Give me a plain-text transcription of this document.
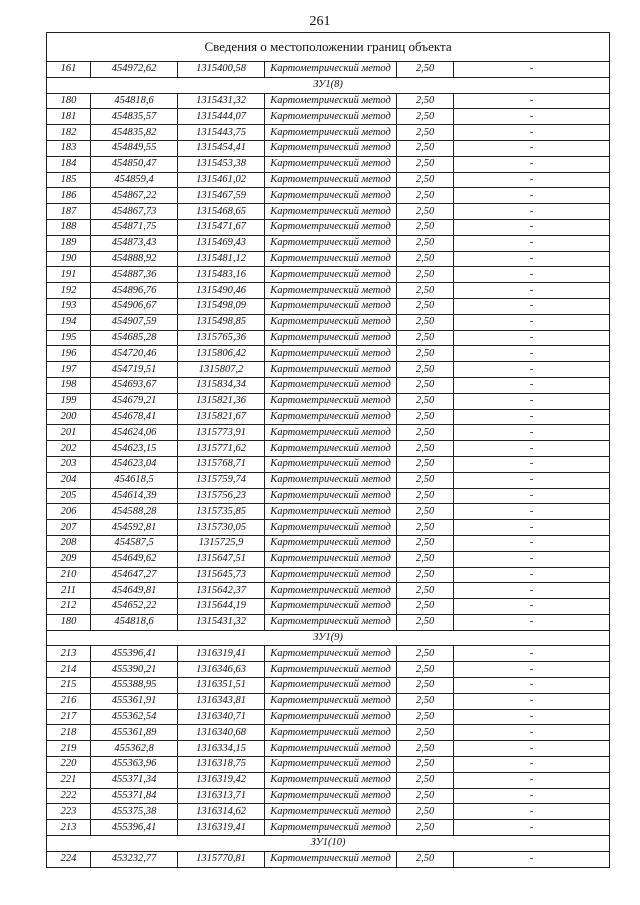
261
Сведения о местоположении границ объекта					
161	454972,62	1315400,58	Картометрический метод	2,50	-
ЗУ1(8)					
180	454818,6	1315431,32	Картометрический метод	2,50	-
181	454835,57	1315444,07	Картометрический метод	2,50	-
182	454835,82	1315443,75	Картометрический метод	2,50	-
183	454849,55	1315454,41	Картометрический метод	2,50	-
184	454850,47	1315453,38	Картометрический метод	2,50	-
185	454859,4	1315461,02	Картометрический метод	2,50	-
186	454867,22	1315467,59	Картометрический метод	2,50	-
187	454867,73	1315468,65	Картометрический метод	2,50	-
188	454871,75	1315471,67	Картометрический метод	2,50	-
189	454873,43	1315469,43	Картометрический метод	2,50	-
190	454888,92	1315481,12	Картометрический метод	2,50	-
191	454887,36	1315483,16	Картометрический метод	2,50	-
192	454896,76	1315490,46	Картометрический метод	2,50	-
193	454906,67	1315498,09	Картометрический метод	2,50	-
194	454907,59	1315498,85	Картометрический метод	2,50	-
195	454685,28	1315765,36	Картометрический метод	2,50	-
196	454720,46	1315806,42	Картометрический метод	2,50	-
197	454719,51	1315807,2	Картометрический метод	2,50	-
198	454693,67	1315834,34	Картометрический метод	2,50	-
199	454679,21	1315821,36	Картометрический метод	2,50	-
200	454678,41	1315821,67	Картометрический метод	2,50	-
201	454624,06	1315773,91	Картометрический метод	2,50	-
202	454623,15	1315771,62	Картометрический метод	2,50	-
203	454623,04	1315768,71	Картометрический метод	2,50	-
204	454618,5	1315759,74	Картометрический метод	2,50	-
205	454614,39	1315756,23	Картометрический метод	2,50	-
206	454588,28	1315735,85	Картометрический метод	2,50	-
207	454592,81	1315730,05	Картометрический метод	2,50	-
208	454587,5	1315725,9	Картометрический метод	2,50	-
209	454649,62	1315647,51	Картометрический метод	2,50	-
210	454647,27	1315645,73	Картометрический метод	2,50	-
211	454649,81	1315642,37	Картометрический метод	2,50	-
212	454652,22	1315644,19	Картометрический метод	2,50	-
180	454818,6	1315431,32	Картометрический метод	2,50	-
ЗУ1(9)					
213	455396,41	1316319,41	Картометрический метод	2,50	-
214	455390,21	1316346,63	Картометрический метод	2,50	-
215	455388,95	1316351,51	Картометрический метод	2,50	-
216	455361,91	1316343,81	Картометрический метод	2,50	-
217	455362,54	1316340,71	Картометрический метод	2,50	-
218	455361,89	1316340,68	Картометрический метод	2,50	-
219	455362,8	1316334,15	Картометрический метод	2,50	-
220	455363,96	1316318,75	Картометрический метод	2,50	-
221	455371,34	1316319,42	Картометрический метод	2,50	-
222	455371,84	1316313,71	Картометрический метод	2,50	-
223	455375,38	1316314,62	Картометрический метод	2,50	-
213	455396,41	1316319,41	Картометрический метод	2,50	-
ЗУ1(10)					
224	453232,77	1315770,81	Картометрический метод	2,50	-
